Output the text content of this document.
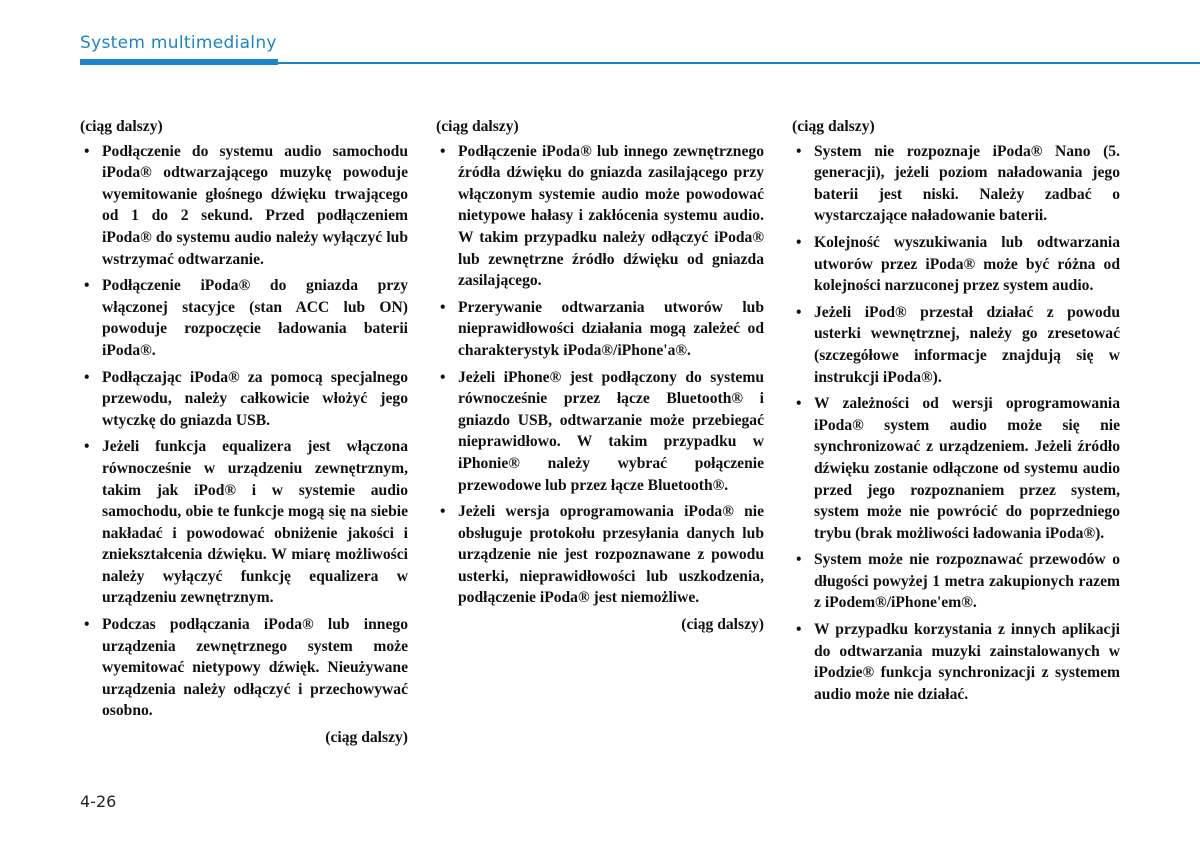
System multimedialny
(ciąg dalszy)
• Podłączenie do systemu audio samochodu iPoda® odtwarzającego muzykę powoduje wyemitowanie głośnego dźwięku trwającego od 1 do 2 sekund. Przed podłączeniem iPoda® do systemu audio należy wyłączyć lub wstrzymać odtwarzanie.
• Podłączenie iPoda® do gniazda przy włączonej stacyjce (stan ACC lub ON) powoduje rozpoczęcie ładowania baterii iPoda®.
• Podłączając iPoda® za pomocą specjalnego przewodu, należy całkowicie włożyć jego wtyczkę do gniazda USB.
• Jeżeli funkcja equalizera jest włączona równocześnie w urządzeniu zewnętrznym, takim jak iPod® i w systemie audio samochodu, obie te funkcje mogą się na siebie nakładać i powodować obniżenie jakości i zniekształcenia dźwięku. W miarę możliwości należy wyłączyć funkcję equalizera w urządzeniu zewnętrznym.
• Podczas podłączania iPoda® lub innego urządzenia zewnętrznego system może wyemitować nietypowy dźwięk. Nieużywane urządzenia należy odłączyć i przechowywać osobno.
(ciąg dalszy)
(ciąg dalszy)
• Podłączenie iPoda® lub innego zewnętrznego źródła dźwięku do gniazda zasilającego przy włączonym systemie audio może powodować nietypowe hałasy i zakłócenia systemu audio. W takim przypadku należy odłączyć iPoda® lub zewnętrzne źródło dźwięku od gniazda zasilającego.
• Przerywanie odtwarzania utworów lub nieprawidłowości działania mogą zależeć od charakterystyk iPoda®/iPhone'a®.
• Jeżeli iPhone® jest podłączony do systemu równocześnie przez łącze Bluetooth® i gniazdo USB, odtwarzanie może przebiegać nieprawidłowo. W takim przypadku w iPhonie® należy wybrać połączenie przewodowe lub przez łącze Bluetooth®.
• Jeżeli wersja oprogramowania iPoda® nie obsługuje protokołu przesyłania danych lub urządzenie nie jest rozpoznawane z powodu usterki, nieprawidłowości lub uszkodzenia, podłączenie iPoda® jest niemożliwe.
(ciąg dalszy)
(ciąg dalszy)
• System nie rozpoznaje iPoda® Nano (5. generacji), jeżeli poziom naładowania jego baterii jest niski. Należy zadbać o wystarczające naładowanie baterii.
• Kolejność wyszukiwania lub odtwarzania utworów przez iPoda® może być różna od kolejności narzuconej przez system audio.
• Jeżeli iPod® przestał działać z powodu usterki wewnętrznej, należy go zresetować (szczegółowe informacje znajdują się w instrukcji iPoda®).
• W zależności od wersji oprogramowania iPoda® system audio może się nie synchronizować z urządzeniem. Jeżeli źródło dźwięku zostanie odłączone od systemu audio przed jego rozpoznaniem przez system, system może nie powrócić do poprzedniego trybu (brak możliwości ładowania iPoda®).
• System może nie rozpoznawać przewodów o długości powyżej 1 metra zakupionych razem z iPodem®/iPhone'em®.
• W przypadku korzystania z innych aplikacji do odtwarzania muzyki zainstalowanych w iPodzie® funkcja synchronizacji z systemem audio może nie działać.
4-26
